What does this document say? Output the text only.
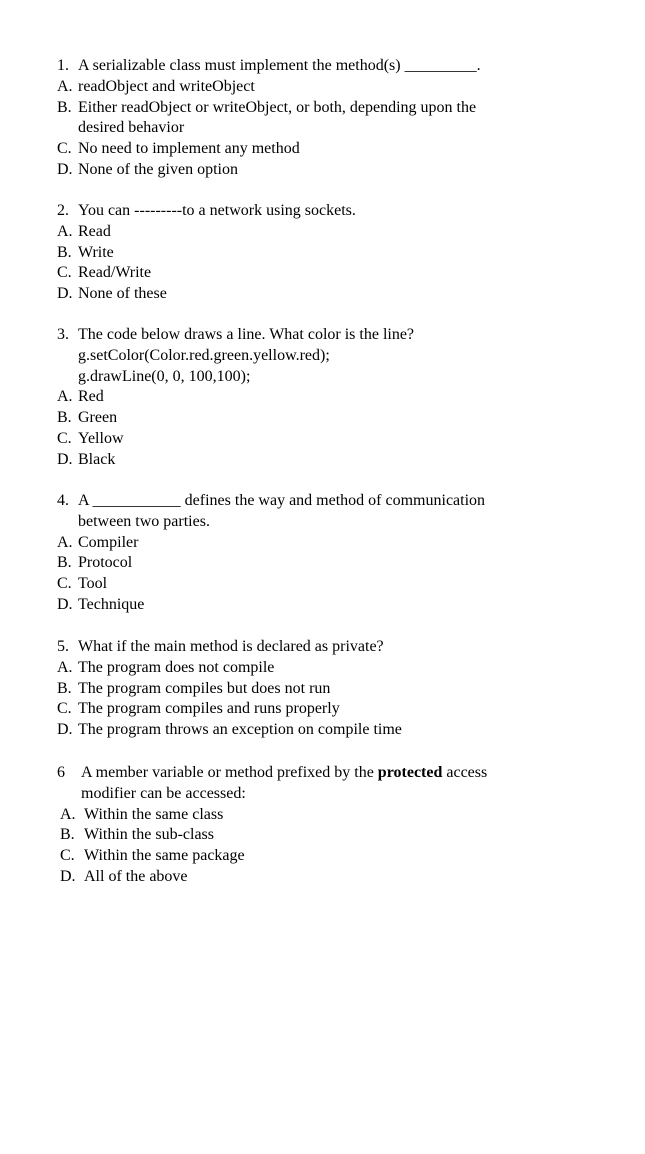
1. A serializable class must implement the method(s) _________.
A. readObject and writeObject
B. Either readObject or writeObject, or both, depending upon the
desired behavior
C. No need to implement any method
D. None of the given option
2. You can ---------to a network using sockets.
A. Read
B. Write
C. Read/Write
D. None of these
3. The code below draws a line. What color is the line?
g.setColor(Color.red.green.yellow.red);
g.drawLine(0, 0, 100,100);
A. Red
B. Green
C. Yellow
D. Black
4. A ___________ defines the way and method of communication
between two parties.
A. Compiler
B. Protocol
C. Tool
D. Technique
5. What if the main method is declared as private?
A. The program does not compile
B. The program compiles but does not run
C. The program compiles and runs properly
D. The program throws an exception on compile time
6	A member variable or method prefixed by the protected access
modifier can be accessed:
A. Within the same class
B. Within the sub-class
C. Within the same package
D. All of the above
